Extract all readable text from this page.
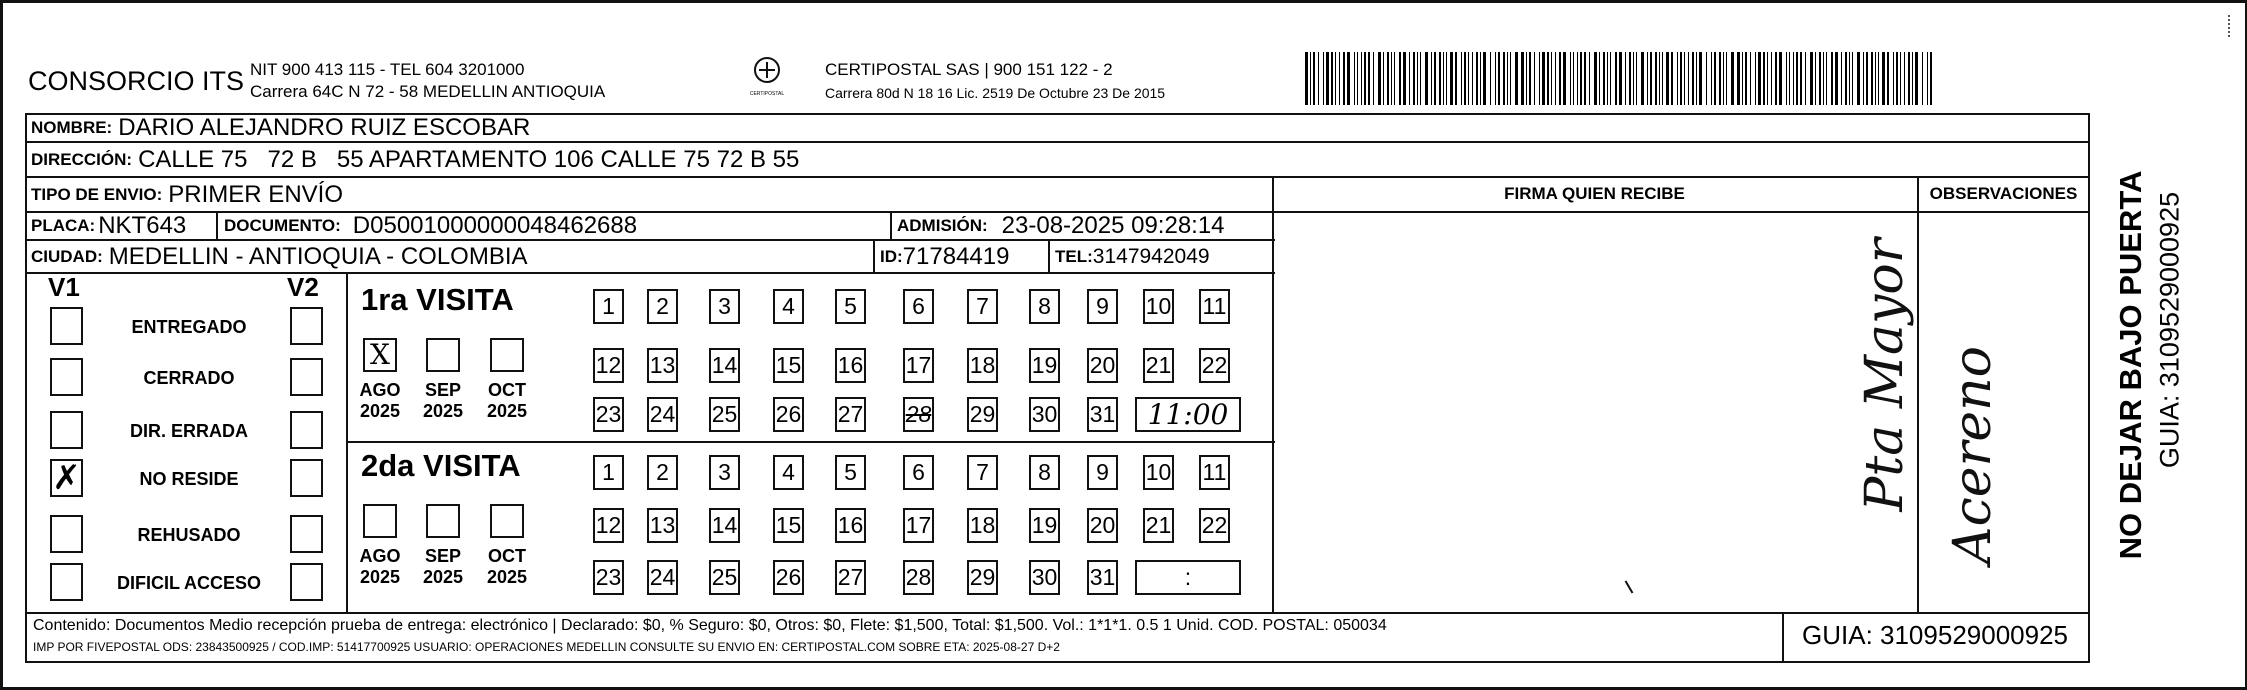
CONSORCIO ITS NIT 900 413 115 - TEL 604 3201000
Carrera 64C N 72 - 58 MEDELLIN ANTIOQUIA	CERTIPOSTAL
CERTIPOSTAL SAS | 900 151 122 - 2
Carrera 80d N 18 16 Lic. 2519 De Octubre 23 De 2015
NOMBRE: DARIO ALEJANDRO RUIZ ESCOBAR
DIRECCIÓN: CALLE 75   72 B   55 APARTAMENTO 106 CALLE 75 72 B 55
TIPO DE ENVIO: PRIMER ENVÍO
PLACA: NKT643 DOCUMENTO: D05001000000048462688	ADMISIÓN: 23-08-2025 09:28:14
CIUDAD: MEDELLIN - ANTIOQUIA - COLOMBIA	ID: 71784419	TEL: 3147942049
FIRMA QUIEN RECIBE	OBSERVACIONES
Pta Mayor Acereno
V1	V2
ENTREGADO
CERRADO
DIR. ERRADA
✗	NO RESIDE
REHUSADO
DIFICIL ACCESO
1ra VISITA
2da VISITA
X
AGO
2025
SEP
2025
OCT
2025
AGO
2025
SEP
2025
OCT
2025
1	2	3	4	5	6	7	8	9	10 11
12 13 14 15 16 17 18 19 20 21 22
23 24 25 26 27 28 29 30 31	11:00
1	2	3	4	5	6	7	8	9	10 11
12 13 14 15 16 17 18 19 20 21 22
23 24 25 26 27 28 29 30 31	:
Contenido: Documentos Medio recepción prueba de entrega: electrónico | Declarado: $0, % Seguro: $0, Otros: $0, Flete: $1,500, Total: $1,500. Vol.: 1*1*1. 0.5 1 Unid. COD. POSTAL: 050034
IMP POR FIVEPOSTAL ODS: 23843500925 / COD.IMP: 51417700925 USUARIO: OPERACIONES MEDELLIN CONSULTE SU ENVIO EN: CERTIPOSTAL.COM SOBRE ETA: 2025-08-27 D+2	GUIA: 3109529000925
NO DEJAR BAJO PUERTA GUIA: 3109529000925
